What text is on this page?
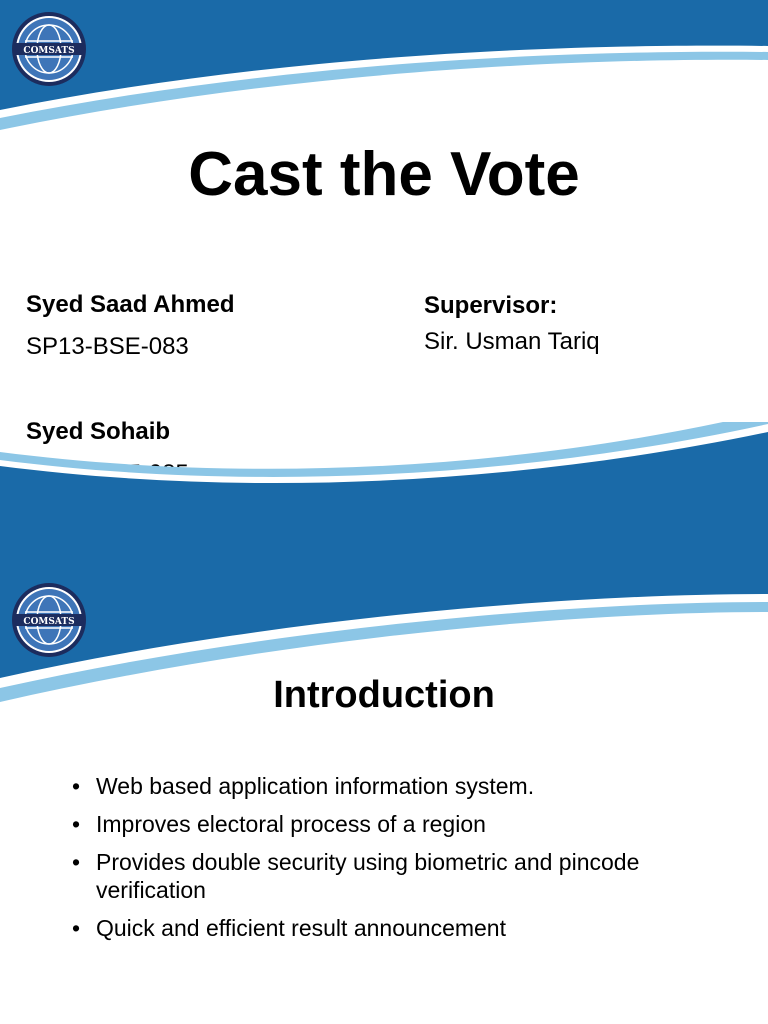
COMSATS
Cast the Vote
Syed Saad Ahmed
SP13-BSE-083
Syed Sohaib
Supervisor:
Sir. Usman Tariq
COMSATS
Introduction
• Web based application information system.
• Improves electoral process of a region
• Provides double security using biometric and pincode verification
• Quick and efficient result announcement
